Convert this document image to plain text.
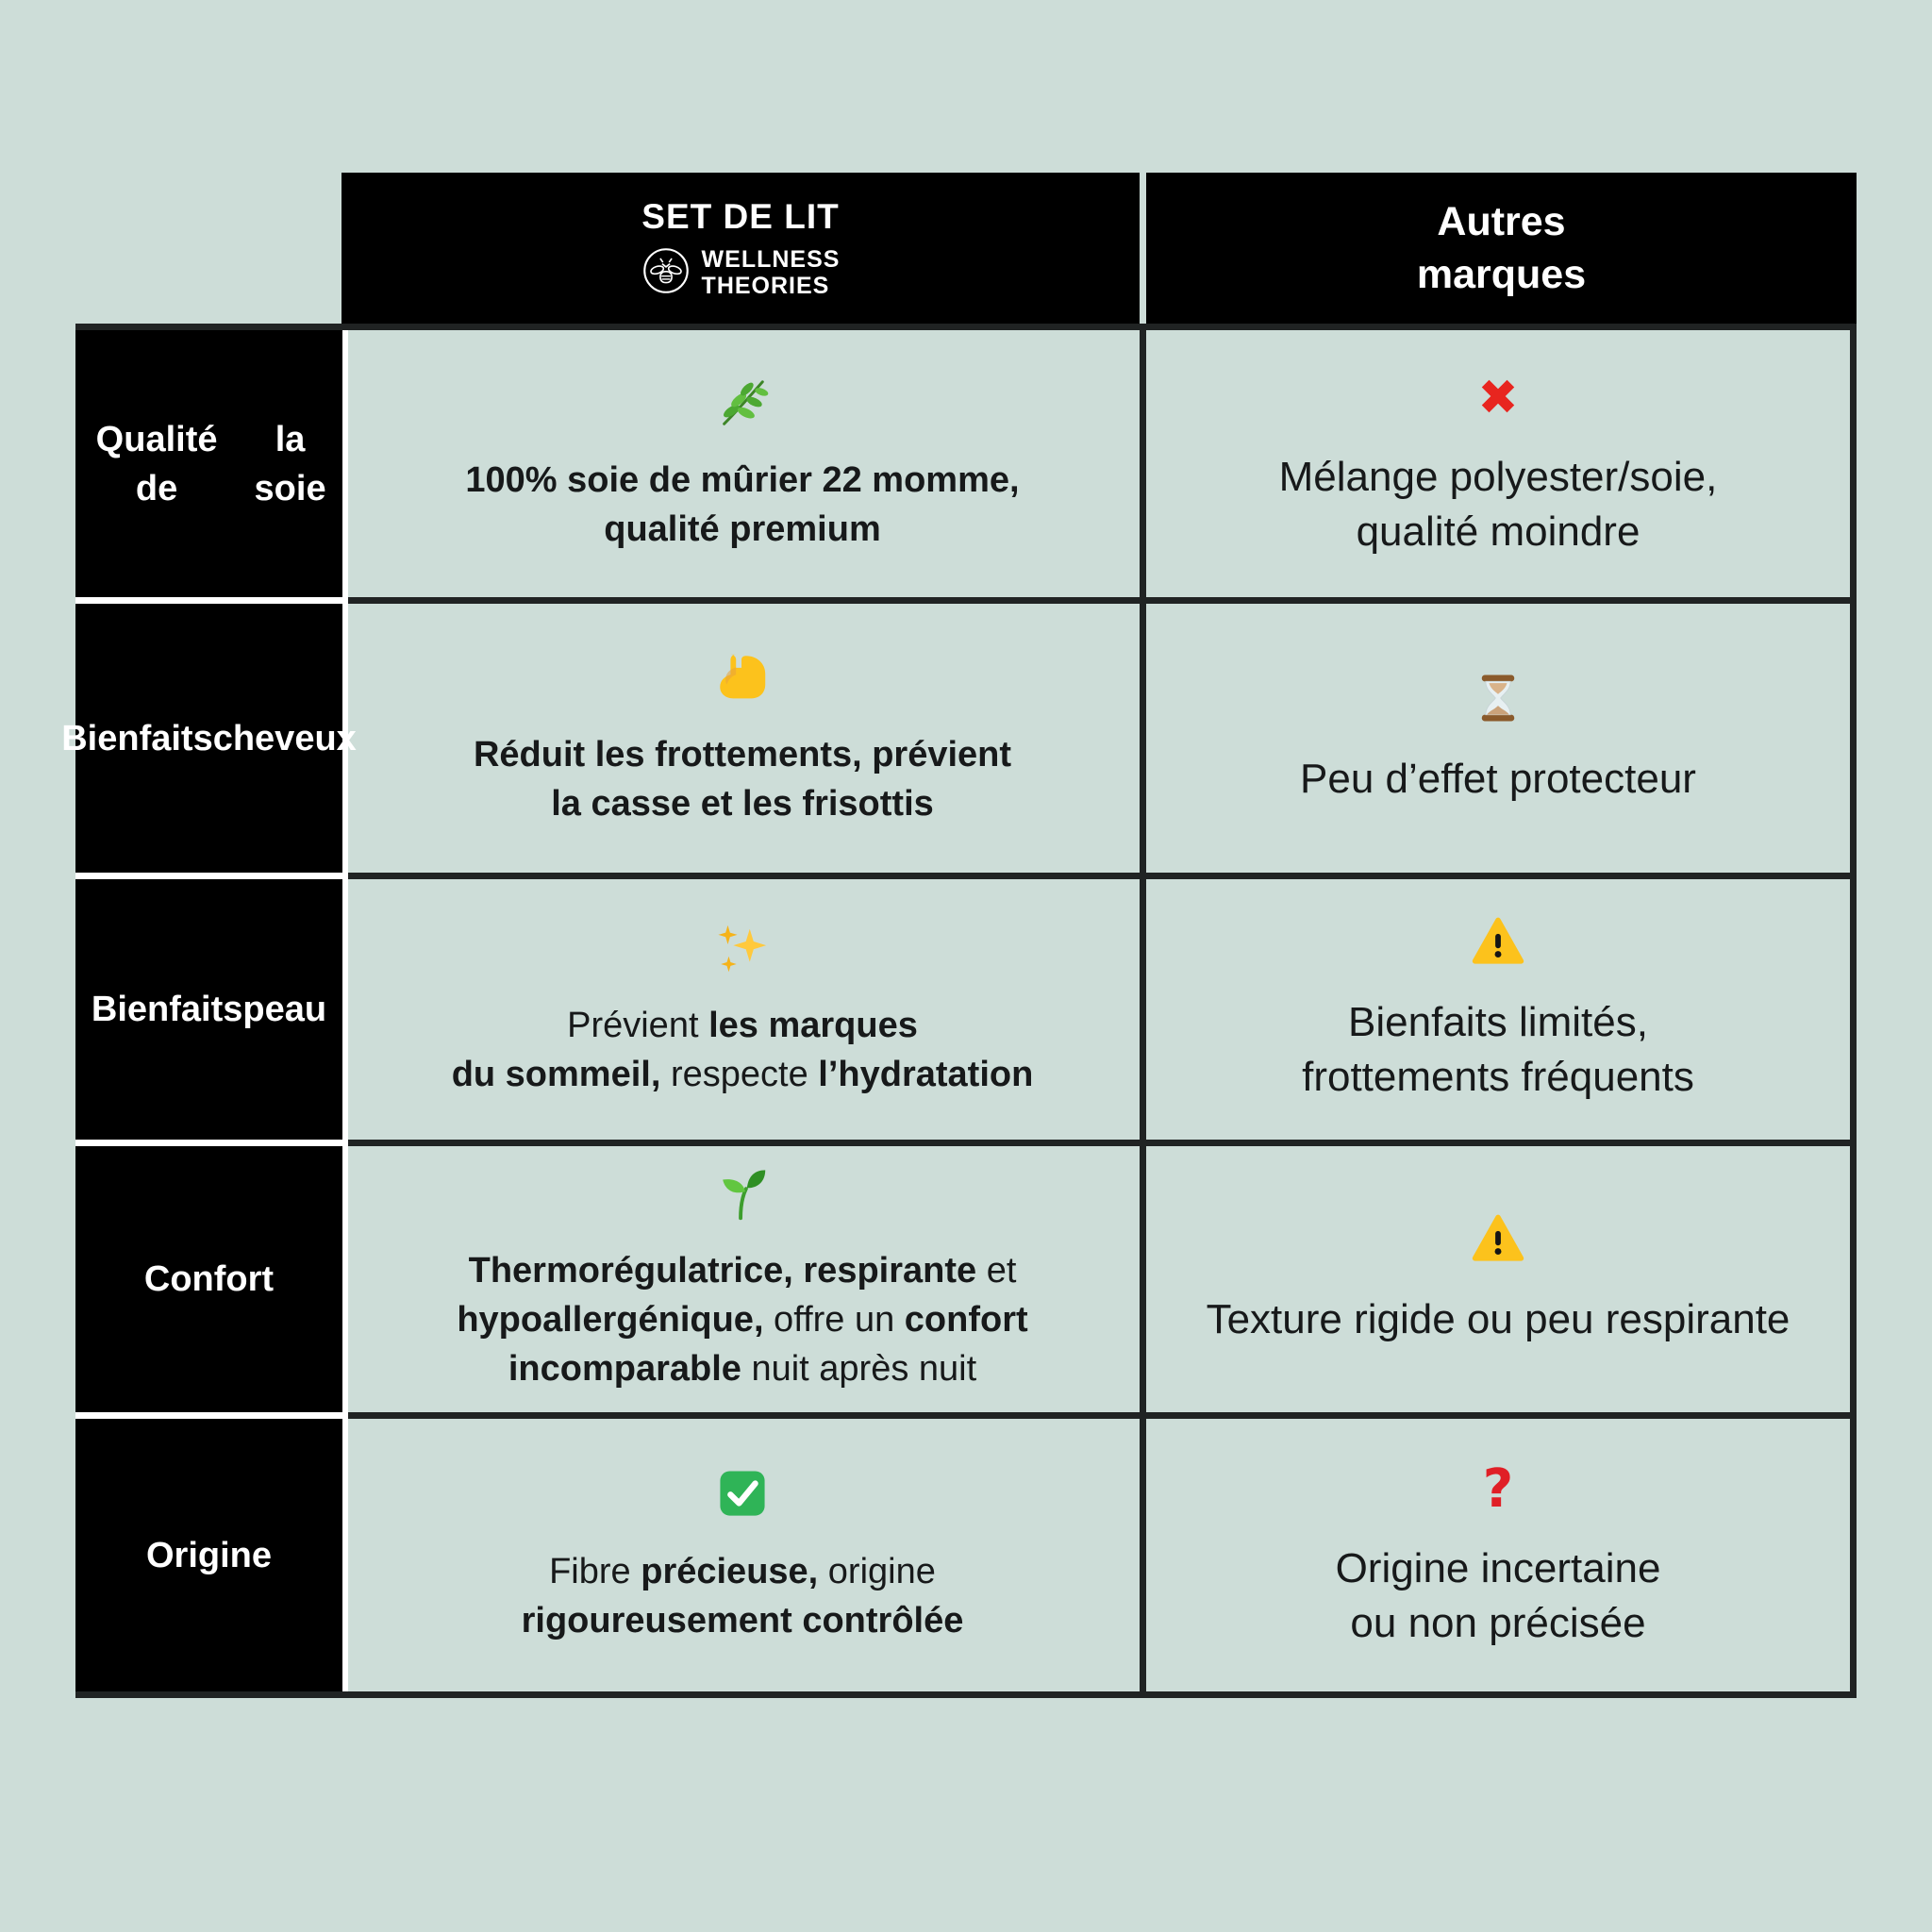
SET DE LIT
WELLNESS
THEORIES
Autres
marques
Qualité de
la soie
Bienfaits cheveux
Bienfaits peau
Confort
Origine
100% soie de mûrier 22 momme,
qualité premium
Mélange polyester/soie,
qualité moindre
Réduit les frottements, prévient
la casse et les frisottis
Peu d’effet protecteur
Prévient les marques
du sommeil, respecte l’hydratation
Bienfaits limités,
frottements fréquents
Thermorégulatrice, respirante et
hypoallergénique, offre un confort
incomparable nuit après nuit
Texture rigide ou peu respirante
Fibre précieuse, origine
rigoureusement contrôlée
?
Origine incertaine
ou non précisée
